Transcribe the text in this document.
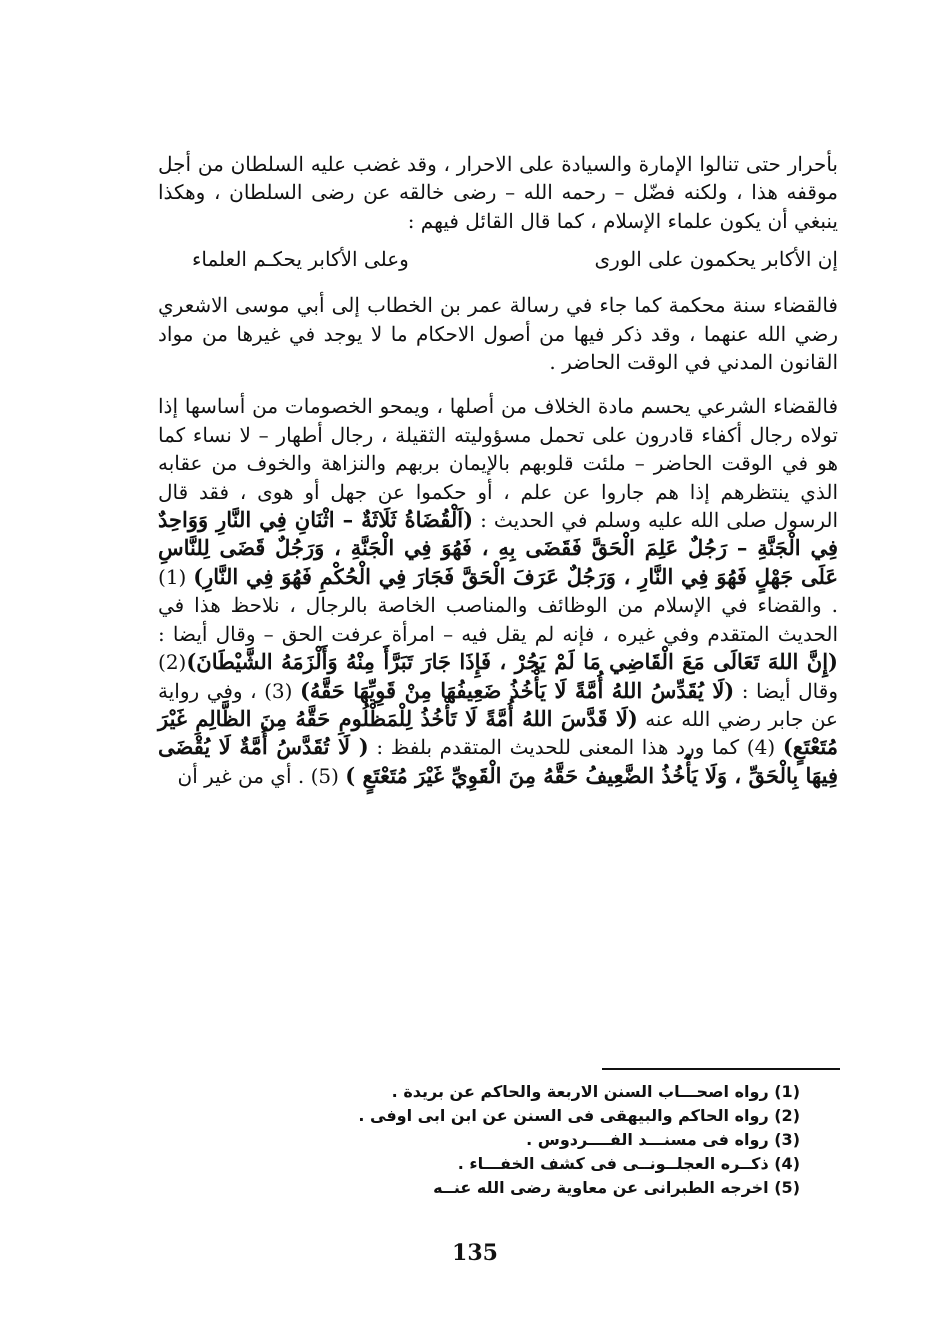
بأحرار حتى تنالوا الإمارة والسيادة على الاحرار ، وقد غضب عليه السلطان من أجل موقفه هذا ، ولكنه فضّل – رحمه الله – رضى خالقه عن رضى السلطان ، وهكذا ينبغي أن يكون علماء الإسلام ، كما قال القائل فيهم :

إن الأكابر يحكمون على الورى
وعلى الأكابر يحكـم العلماء

فالقضاء سنة محكمة كما جاء في رسالة عمر بن الخطاب إلى أبي موسى الاشعري رضي الله عنهما ، وقد ذكر فيها من أصول الاحكام ما لا يوجد في غيرها من مواد القانون المدني في الوقت الحاضر .

فالقضاء الشرعي يحسم مادة الخلاف من أصلها ، ويمحو الخصومات من أساسها إذا تولاه رجال أكفاء قادرون على تحمل مسؤوليته الثقيلة ، رجال أطهار – لا نساء كما هو في الوقت الحاضر – ملئت قلوبهم بالإيمان بربهم والنزاهة والخوف من عقابه الذي ينتظرهم إذا هم جاروا عن علم ، أو حكموا عن جهل أو هوى ، فقد قال الرسول صلى الله عليه وسلم في الحديث : (اَلْقُضَاةُ ثَلَاثَةٌ – اثْنَانِ فِي النَّارِ وَوَاحِدٌ فِي الْجَنَّةِ – رَجُلٌ عَلِمَ الْحَقَّ فَقَضَى بِهِ ، فَهُوَ فِي الْجَنَّةِ ، وَرَجُلٌ قَضَى لِلنَّاسِ عَلَى جَهْلٍ فَهُوَ فِي النَّارِ ، وَرَجُلٌ عَرَفَ الْحَقَّ فَجَارَ فِي الْحُكْمِ فَهُوَ فِي النَّارِ) (1) . والقضاء في الإسلام من الوظائف والمناصب الخاصة بالرجال ، نلاحظ هذا في الحديث المتقدم وفي غيره ، فإنه لم يقل فيه – امرأة عرفت الحق – وقال أيضا : (إِنَّ اللهَ تَعَالَى مَعَ الْقَاضِي مَا لَمْ يَجُرْ ، فَإِذَا جَارَ تَبَرَّأَ مِنْهُ وَأَلْزَمَهُ الشَّيْطَانَ)(2) وقال أيضا : (لَا يُقَدِّسُ اللهُ أُمَّةً لَا يَأْخُذُ ضَعِيفُهَا مِنْ قَوِيِّهَا حَقَّهُ) (3) ، وفي رواية عن جابر رضي الله عنه (لَا قَدَّسَ اللهُ أُمَّةً لَا تَأْخُذُ لِلْمَظْلُومِ حَقَّهُ مِنَ الظَّالِمِ غَيْرَ مُتَعْتَعٍ) (4) كما ورد هذا المعنى للحديث المتقدم بلفظ : ( لَا تُقَدَّسُ أُمَّةٌ لَا يُقْضَى فِيهَا بِالْحَقِّ ، وَلَا يَأْخُذُ الضَّعِيفُ حَقَّهُ مِنَ الْقَوِيِّ غَيْرَ مُتَعْتَعٍ ) (5) . أي من غير أن

(1) رواه اصحـــاب السنن الاربعة والحاكم عن بريدة .
(2) رواه الحاكم والبيهقى فى السنن عن ابن ابى اوفى .
(3) رواه فى مسنـــد الفــــردوس .
(4) ذكــره العجلــونــى فى كشف الخفـــاء .
(5) اخرجه الطبرانى عن معاوية رضى الله عنــه
135
